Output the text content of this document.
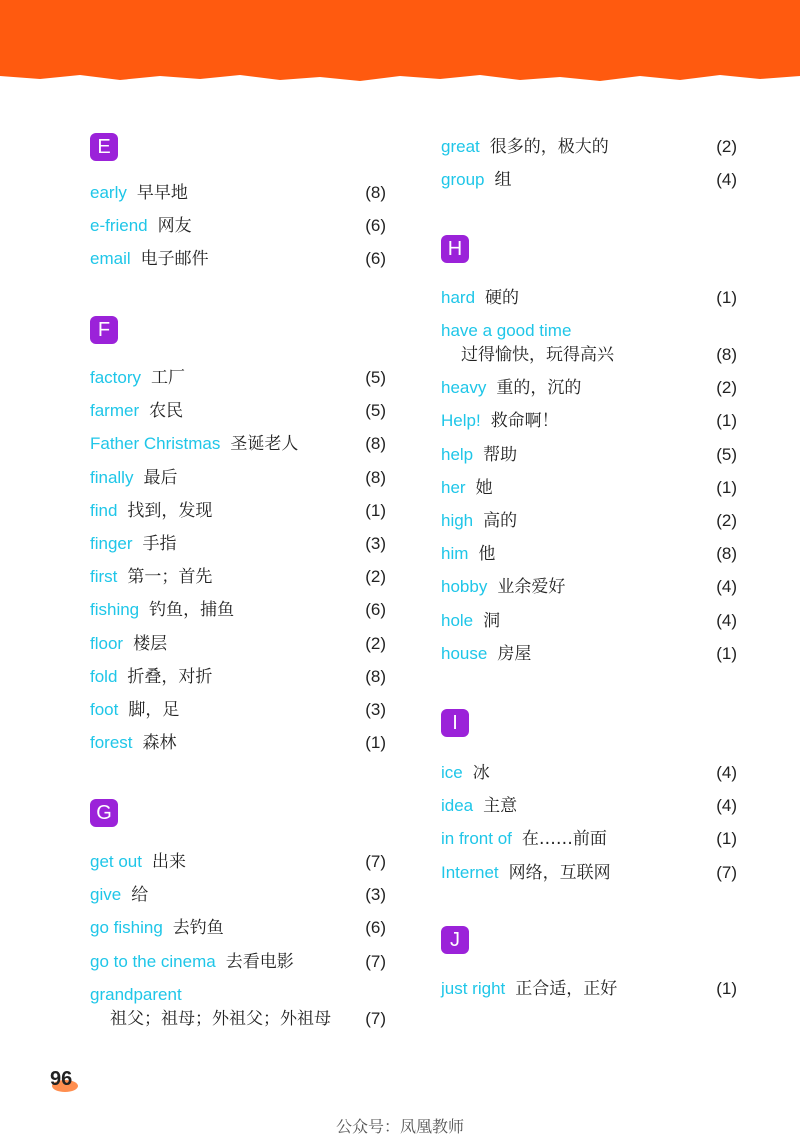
E
early 早早地	(8)
e-friend 网友	(6)
email 电子邮件	(6)
F
factory 工厂	(5)
farmer 农民	(5)
Father Christmas 圣诞老人	(8)
finally 最后	(8)
find 找到，发现	(1)
finger 手指	(3)
first 第一；首先	(2)
fishing 钓鱼，捕鱼	(6)
floor 楼层	(2)
fold 折叠，对折	(8)
foot 脚，足	(3)
forest 森林	(1)
G
get out 出来	(7)
give 给	(3)
go fishing 去钓鱼	(6)
go to the cinema 去看电影	(7)
grandparent
祖父；祖母；外祖父；外祖母	(7)
great 很多的，极大的	(2)
group 组	(4)
H
hard 硬的	(1)
have a good time
过得愉快，玩得高兴	(8)
heavy 重的，沉的	(2)
Help! 救命啊！	(1)
help 帮助	(5)
her 她	(1)
high 高的	(2)
him 他	(8)
hobby 业余爱好	(4)
hole 洞	(4)
house 房屋	(1)
I
ice 冰	(4)
idea 主意	(4)
in front of 在……前面	(1)
Internet 网络，互联网	(7)
J
just right 正合适，正好	(1)
96
公众号：凤凰教师
